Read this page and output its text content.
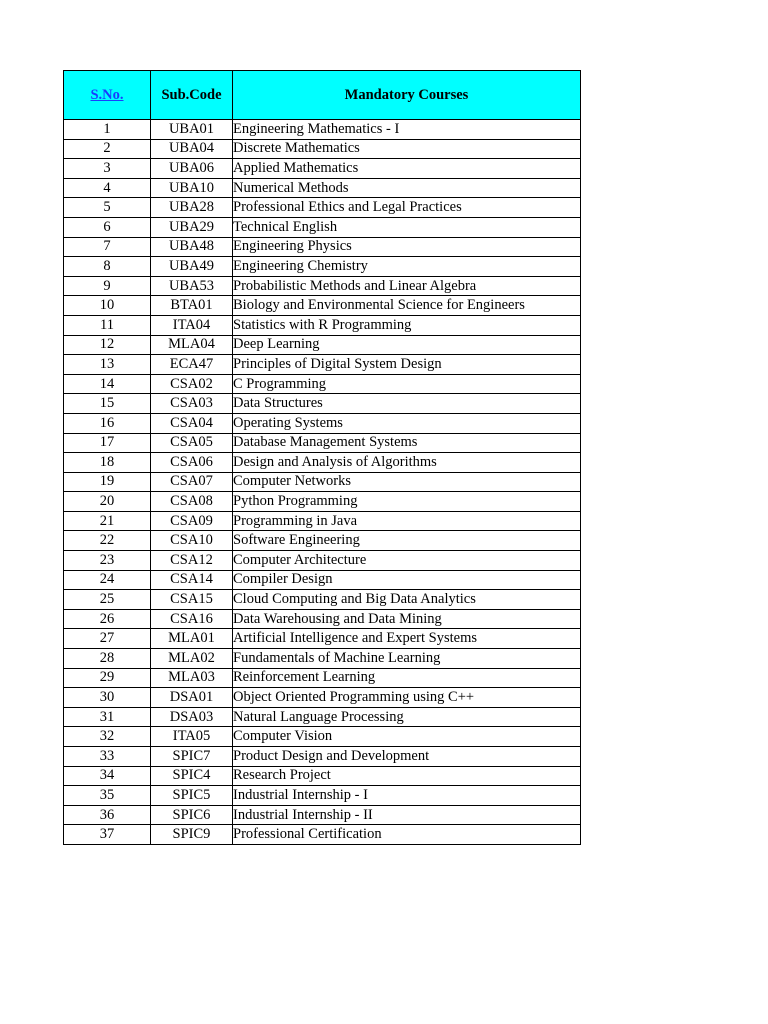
S.No.	Sub.Code	Mandatory Courses
1	UBA01	Engineering Mathematics - I
2	UBA04	Discrete Mathematics
3	UBA06	Applied Mathematics
4	UBA10	Numerical Methods
5	UBA28	Professional Ethics and Legal Practices
6	UBA29	Technical English
7	UBA48	Engineering Physics
8	UBA49	Engineering Chemistry
9	UBA53	Probabilistic Methods and Linear Algebra
10	BTA01	Biology and Environmental Science for Engineers
11	ITA04	Statistics with R Programming
12	MLA04	Deep Learning
13	ECA47	Principles of Digital System Design
14	CSA02	C Programming
15	CSA03	Data Structures
16	CSA04	Operating Systems
17	CSA05	Database Management Systems
18	CSA06	Design and Analysis of Algorithms
19	CSA07	Computer Networks
20	CSA08	Python Programming
21	CSA09	Programming in Java
22	CSA10	Software Engineering
23	CSA12	Computer Architecture
24	CSA14	Compiler Design
25	CSA15	Cloud Computing and Big Data Analytics
26	CSA16	Data Warehousing and Data Mining
27	MLA01	Artificial Intelligence and Expert Systems
28	MLA02	Fundamentals of Machine Learning
29	MLA03	Reinforcement Learning
30	DSA01	Object Oriented Programming using C++
31	DSA03	Natural Language Processing
32	ITA05	Computer Vision
33	SPIC7	Product Design and Development
34	SPIC4	Research Project
35	SPIC5	Industrial Internship - I
36	SPIC6	Industrial Internship - II
37	SPIC9	Professional Certification
